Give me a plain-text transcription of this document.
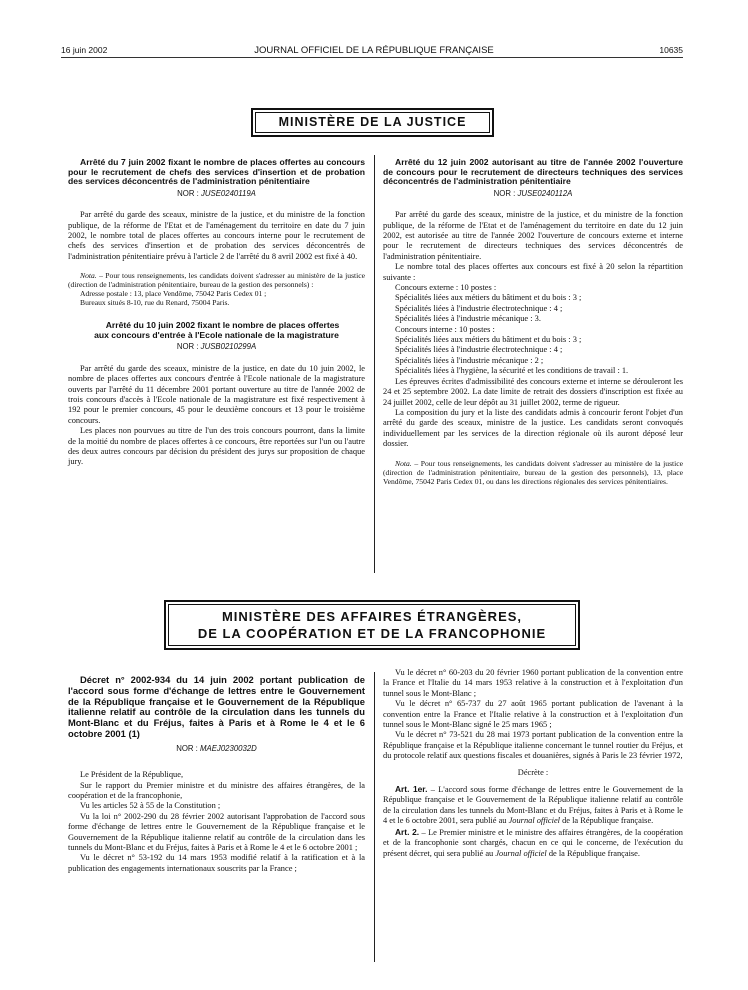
16 juin 2002	JOURNAL OFFICIEL DE LA RÉPUBLIQUE FRANÇAISE	10635
MINISTÈRE DE LA JUSTICE

Arrêté du 7 juin 2002 fixant le nombre de places offertes au concours pour le recrutement de chefs des services d'insertion et de probation des services déconcentrés de l'administration pénitentiaire

NOR : JUSE0240119A

Par arrêté du garde des sceaux, ministre de la justice, et du ministre de la fonction publique, de la réforme de l'Etat et de l'aménagement du territoire en date du 7 juin 2002, le nombre total de places offertes au concours interne pour le recrutement de chefs des services d'insertion et de probation des services déconcentrés de l'administration pénitentiaire prévu à l'article 2 de l'arrêté du 8 avril 2002 est fixé à 40.

Nota. – Pour tous renseignements, les candidats doivent s'adresser au ministère de la justice (direction de l'administration pénitentiaire, bureau de la gestion des personnels) :

Adresse postale : 13, place Vendôme, 75042 Paris Cedex 01 ;

Bureaux situés 8-10, rue du Renard, 75004 Paris.

Arrêté du 10 juin 2002 fixant le nombre de places offertes aux concours d'entrée à l'Ecole nationale de la magistrature

NOR : JUSB0210299A

Par arrêté du garde des sceaux, ministre de la justice, en date du 10 juin 2002, le nombre de places offertes aux concours d'entrée à l'Ecole nationale de la magistrature ouverts par l'arrêté du 11 décembre 2001 portant ouverture au titre de l'année 2002 de trois concours d'accès à l'Ecole nationale de la magistrature est fixé respectivement à 192 pour le premier concours, 45 pour le deuxième concours et 13 pour le troisième concours.

Les places non pourvues au titre de l'un des trois concours pourront, dans la limite de la moitié du nombre de places offertes à ce concours, être reportées sur l'un ou l'autre des deux autres concours par décision du président des jurys sur proposition de chaque jury.

Arrêté du 12 juin 2002 autorisant au titre de l'année 2002 l'ouverture de concours pour le recrutement de directeurs techniques des services déconcentrés de l'administration pénitentiaire

NOR : JUSE0240112A

Par arrêté du garde des sceaux, ministre de la justice, et du ministre de la fonction publique, de la réforme de l'Etat et de l'aménagement du territoire en date du 12 juin 2002, est autorisée au titre de l'année 2002 l'ouverture de concours externe et interne pour le recrutement de directeurs techniques des services déconcentrés de l'administration pénitentiaire.

Le nombre total des places offertes aux concours est fixé à 20 selon la répartition suivante :

Concours externe : 10 postes :

Spécialités liées aux métiers du bâtiment et du bois : 3 ;

Spécialités liées à l'industrie électrotechnique : 4 ;

Spécialités liées à l'industrie mécanique : 3.

Concours interne : 10 postes :

Spécialités liées aux métiers du bâtiment et du bois : 3 ;

Spécialités liées à l'industrie électrotechnique : 4 ;

Spécialités liées à l'industrie mécanique : 2 ;

Spécialités liées à l'hygiène, la sécurité et les conditions de travail : 1.

Les épreuves écrites d'admissibilité des concours externe et interne se dérouleront les 24 et 25 septembre 2002. La date limite de retrait des dossiers d'inscription est fixée au 24 juillet 2002, celle de leur dépôt au 31 juillet 2002, terme de rigueur.

La composition du jury et la liste des candidats admis à concourir feront l'objet d'un arrêté du garde des sceaux, ministre de la justice. Les candidats seront convoqués individuellement par les services de la direction régionale où ils auront déposé leur dossier.

Nota. – Pour tous renseignements, les candidats doivent s'adresser au ministère de la justice (direction de l'administration pénitentiaire, bureau de la gestion des personnels), 13, place Vendôme, 75042 Paris Cedex 01, ou dans les directions régionales des services pénitentiaires.

MINISTÈRE DES AFFAIRES ÉTRANGÈRES,
DE LA COOPÉRATION ET DE LA FRANCOPHONIE

Décret n° 2002-934 du 14 juin 2002 portant publication de l'accord sous forme d'échange de lettres entre le Gouvernement de la République française et le Gouvernement de la République italienne relatif au contrôle de la circulation dans les tunnels du Mont-Blanc et du Fréjus, faites à Paris et à Rome le 4 et le 6 octobre 2001 (1)

NOR : MAEJ0230032D

Le Président de la République,

Sur le rapport du Premier ministre et du ministre des affaires étrangères, de la coopération et de la francophonie,

Vu les articles 52 à 55 de la Constitution ;

Vu la loi n° 2002-290 du 28 février 2002 autorisant l'approbation de l'accord sous forme d'échange de lettres entre le Gouvernement de la République française et le Gouvernement de la République italienne relatif au contrôle de la circulation dans les tunnels du Mont-Blanc et du Fréjus, faites à Paris et à Rome le 4 et le 6 octobre 2001 ;

Vu le décret n° 53-192 du 14 mars 1953 modifié relatif à la ratification et à la publication des engagements internationaux souscrits par la France ;

Vu le décret n° 60-203 du 20 février 1960 portant publication de la convention entre la France et l'Italie du 14 mars 1953 relative à la construction et à l'exploitation d'un tunnel sous le Mont-Blanc ;

Vu le décret n° 65-737 du 27 août 1965 portant publication de l'avenant à la convention entre la France et l'Italie relative à la construction et à l'exploitation d'un tunnel sous le Mont-Blanc signé le 25 mars 1965 ;

Vu le décret n° 73-521 du 28 mai 1973 portant publication de la convention entre la République française et la République italienne concernant le tunnel routier du Fréjus, et du protocole relatif aux questions fiscales et douanières, signés à Paris le 23 février 1972,

Décrète :

Art. 1er. – L'accord sous forme d'échange de lettres entre le Gouvernement de la République française et le Gouvernement de la République italienne relatif au contrôle de la circulation dans les tunnels du Mont-Blanc et du Fréjus, faites à Paris et à Rome le 4 et le 6 octobre 2001, sera publié au Journal officiel de la République française.

Art. 2. – Le Premier ministre et le ministre des affaires étrangères, de la coopération et de la francophonie sont chargés, chacun en ce qui le concerne, de l'exécution du présent décret, qui sera publié au Journal officiel de la République française.
